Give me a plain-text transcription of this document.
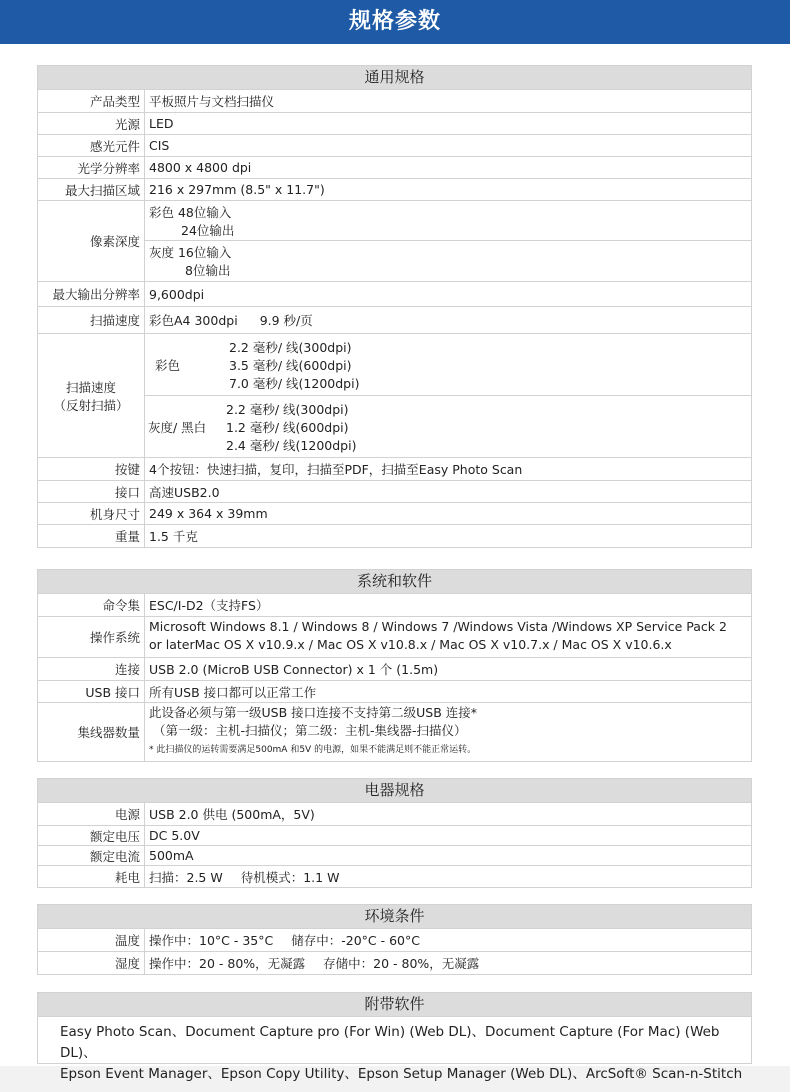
规格参数
通用规格
产品类型 平板照片与文档扫描仪
光源 LED
感光元件 CIS
光学分辨率 4800 x 4800 dpi
最大扫描区域 216 x 297mm (8.5" x 11.7")
像素深度
彩色 48位输入
24位输出
灰度 16位输入
8位输出
最大输出分辨率 9,600dpi
扫描速度 彩色A4 300dpi 9.9 秒/页
扫描速度
（反射扫描）
彩色
2.2 毫秒/ 线(300dpi)
3.5 毫秒/ 线(600dpi)
7.0 毫秒/ 线(1200dpi)
灰度/ 黑白
2.2 毫秒/ 线(300dpi)
1.2 毫秒/ 线(600dpi)
2.4 毫秒/ 线(1200dpi)
按键 4个按钮：快速扫描，复印，扫描至PDF，扫描至Easy Photo Scan
接口 高速USB2.0
机身尺寸 249 x 364 x 39mm
重量 1.5 千克
系统和软件
命令集 ESC/I-D2（支持FS）
操作系统
Microsoft Windows 8.1 / Windows 8 / Windows 7 /Windows Vista /Windows XP Service Pack 2
or laterMac OS X v10.9.x / Mac OS X v10.8.x / Mac OS X v10.7.x / Mac OS X v10.6.x
连接 USB 2.0 (MicroB USB Connector) x 1 个 (1.5m)
USB 接口 所有USB 接口都可以正常工作
集线器数量
此设备必须与第一级USB 接口连接不支持第二级USB 连接*
（第一级：主机-扫描仪；第二级：主机-集线器-扫描仪）
* 此扫描仪的运转需要满足500mA 和5V 的电源，如果不能满足则不能正常运转。
电器规格
电源 USB 2.0 供电 (500mA，5V)
额定电压 DC 5.0V
额定电流 500mA
耗电 扫描：2.5 W 待机模式：1.1 W
环境条件
温度 操作中：10°C - 35°C 储存中：-20°C - 60°C
湿度 操作中：20 - 80%，无凝露 存储中：20 - 80%，无凝露
附带软件
Easy Photo Scan、Document Capture pro (For Win) (Web DL)、Document Capture (For Mac) (Web DL)、
Epson Event Manager、Epson Copy Utility、Epson Setup Manager (Web DL)、ArcSoft® Scan-n-Stitch
